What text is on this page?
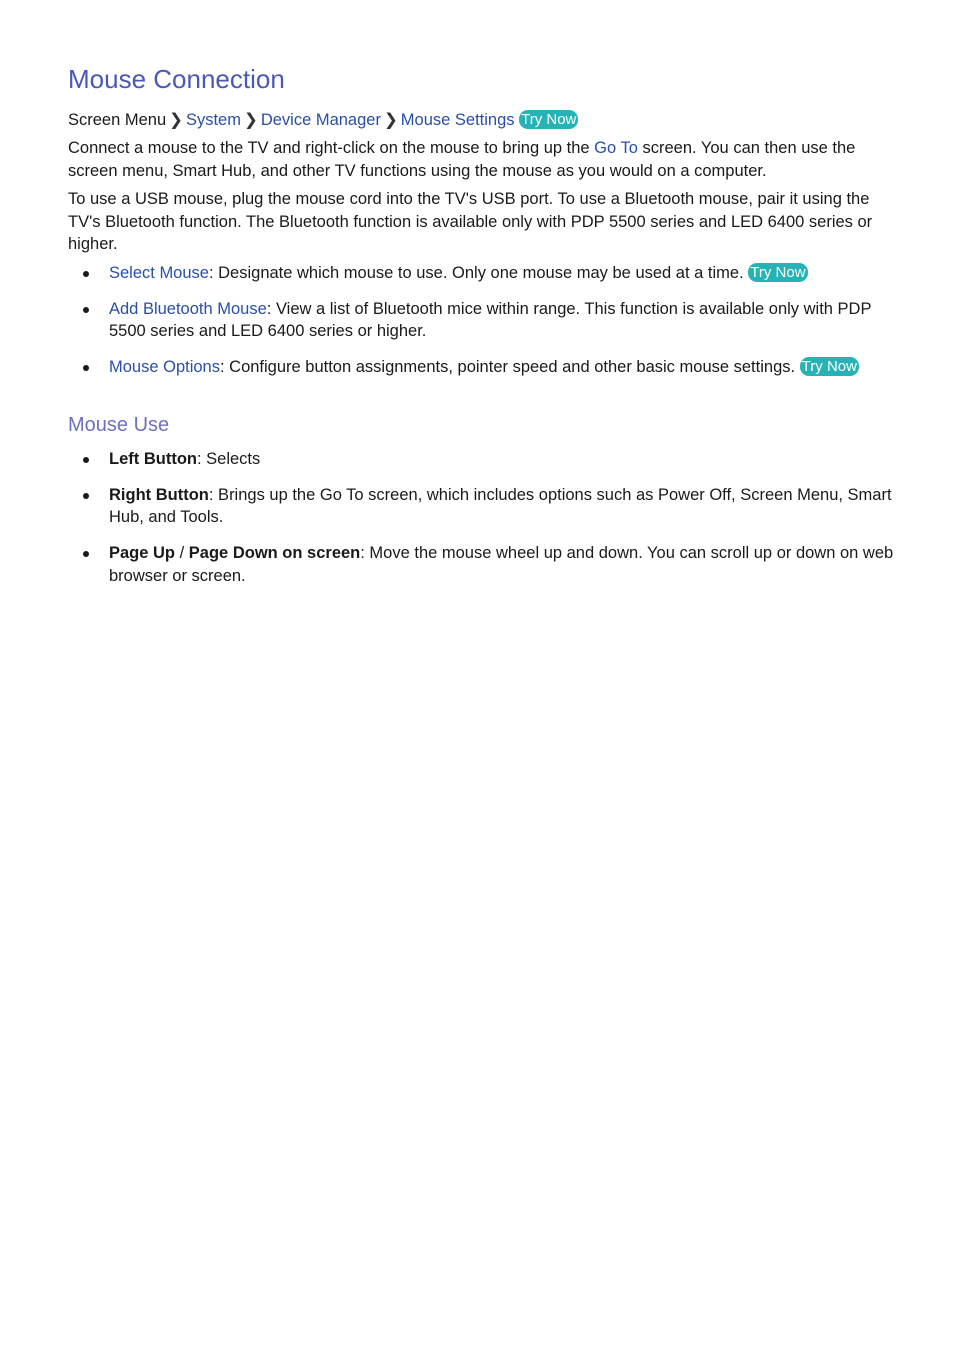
Mouse Connection
Screen Menu ❯ System ❯ Device Manager ❯ Mouse Settings Try Now

Connect a mouse to the TV and right-click on the mouse to bring up the Go To screen. You can then use the screen menu, Smart Hub, and other TV functions using the mouse as you would on a computer.

To use a USB mouse, plug the mouse cord into the TV's USB port. To use a Bluetooth mouse, pair it using the TV's Bluetooth function. The Bluetooth function is available only with PDP 5500 series and LED 6400 series or higher.

Select Mouse: Designate which mouse to use. Only one mouse may be used at a time. Try Now
Add Bluetooth Mouse: View a list of Bluetooth mice within range. This function is available only with PDP 5500 series and LED 6400 series or higher.
Mouse Options: Configure button assignments, pointer speed and other basic mouse settings. Try Now
Mouse Use
Left Button: Selects
Right Button: Brings up the Go To screen, which includes options such as Power Off, Screen Menu, Smart Hub, and Tools.
Page Up / Page Down on screen: Move the mouse wheel up and down. You can scroll up or down on web browser or screen.
